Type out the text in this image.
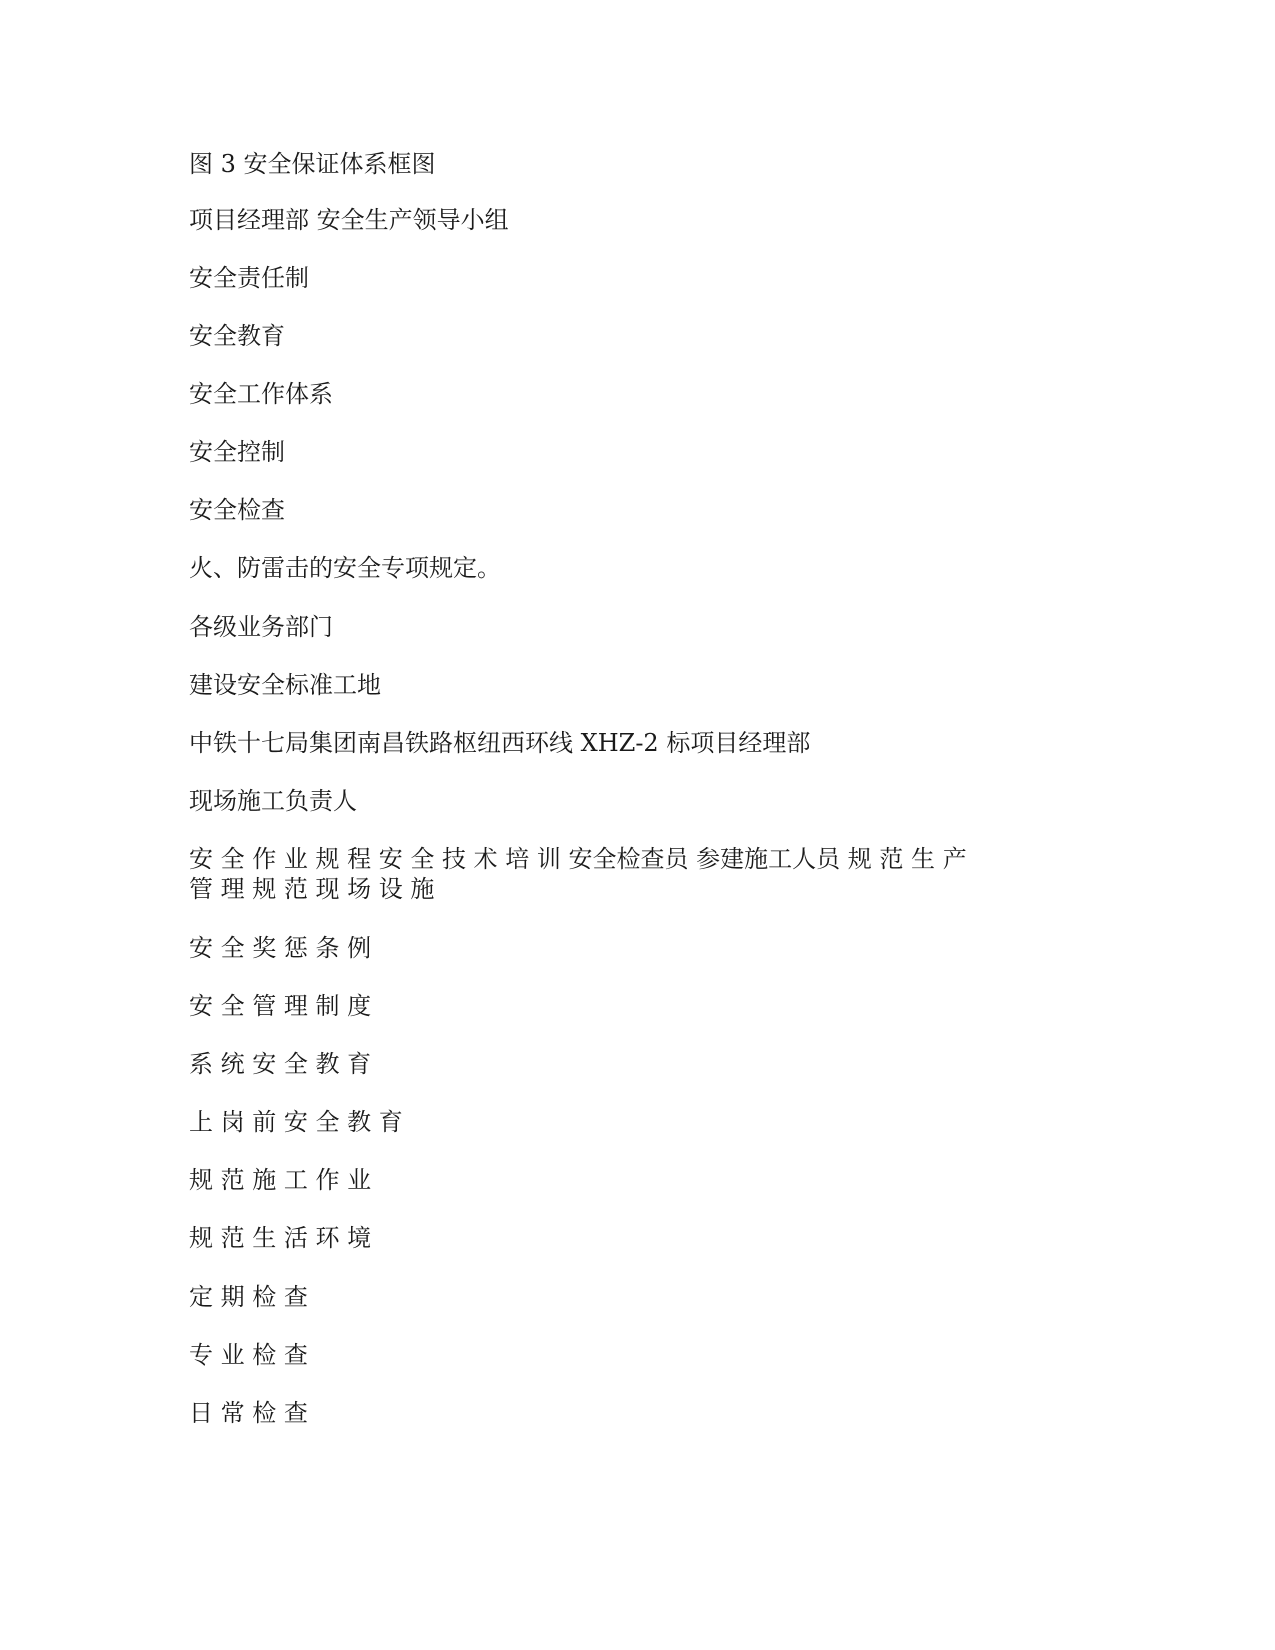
图 3 安全保证体系框图
项目经理部 安全生产领导小组
安全责任制
安全教育
安全工作体系
安全控制
安全检查
火、防雷击的安全专项规定。
各级业务部门
建设安全标准工地
中铁十七局集团南昌铁路枢纽西环线 XHZ-2 标项目经理部
现场施工负责人
安 全 作 业 规 程 安 全 技 术 培 训 安全检查员 参建施工人员 规 范 生 产
管 理 规 范 现 场 设 施
安 全 奖 惩 条 例
安 全 管 理 制 度
系 统 安 全 教 育
上 岗 前 安 全 教 育
规 范 施 工 作 业
规 范 生 活 环 境
定 期 检 查
专 业 检 查
日 常 检 查
